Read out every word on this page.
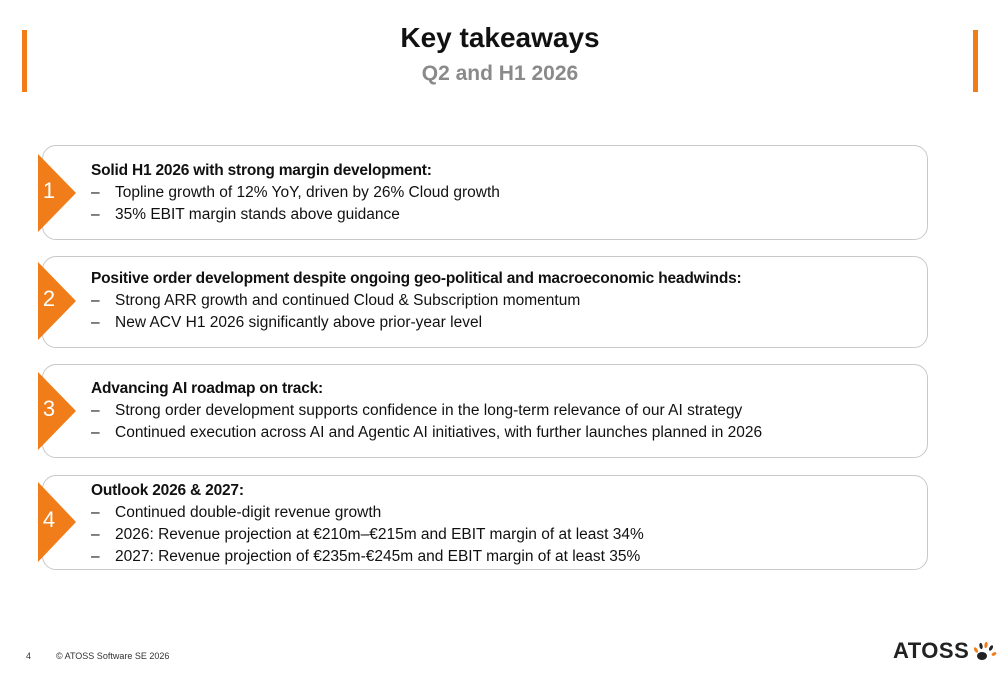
Key takeaways
Q2 and H1 2026
1
Solid H1 2026 with strong margin development:
– Topline growth of 12% YoY, driven by 26% Cloud growth
– 35% EBIT margin stands above guidance
2
Positive order development despite ongoing geo-political and macroeconomic headwinds:
– Strong ARR growth and continued Cloud & Subscription momentum
– New ACV H1 2026 significantly above prior-year level
3
Advancing AI roadmap on track:
– Strong order development supports confidence in the long-term relevance of our AI strategy
– Continued execution across AI and Agentic AI initiatives, with further launches planned in 2026
4
Outlook 2026 & 2027:
– Continued double-digit revenue growth
– 2026: Revenue projection at €210m–€215m and EBIT margin of at least 34%
– 2027: Revenue projection of €235m-€245m and EBIT margin of at least 35%
4	© ATOSS Software SE 2026	ATOSS
